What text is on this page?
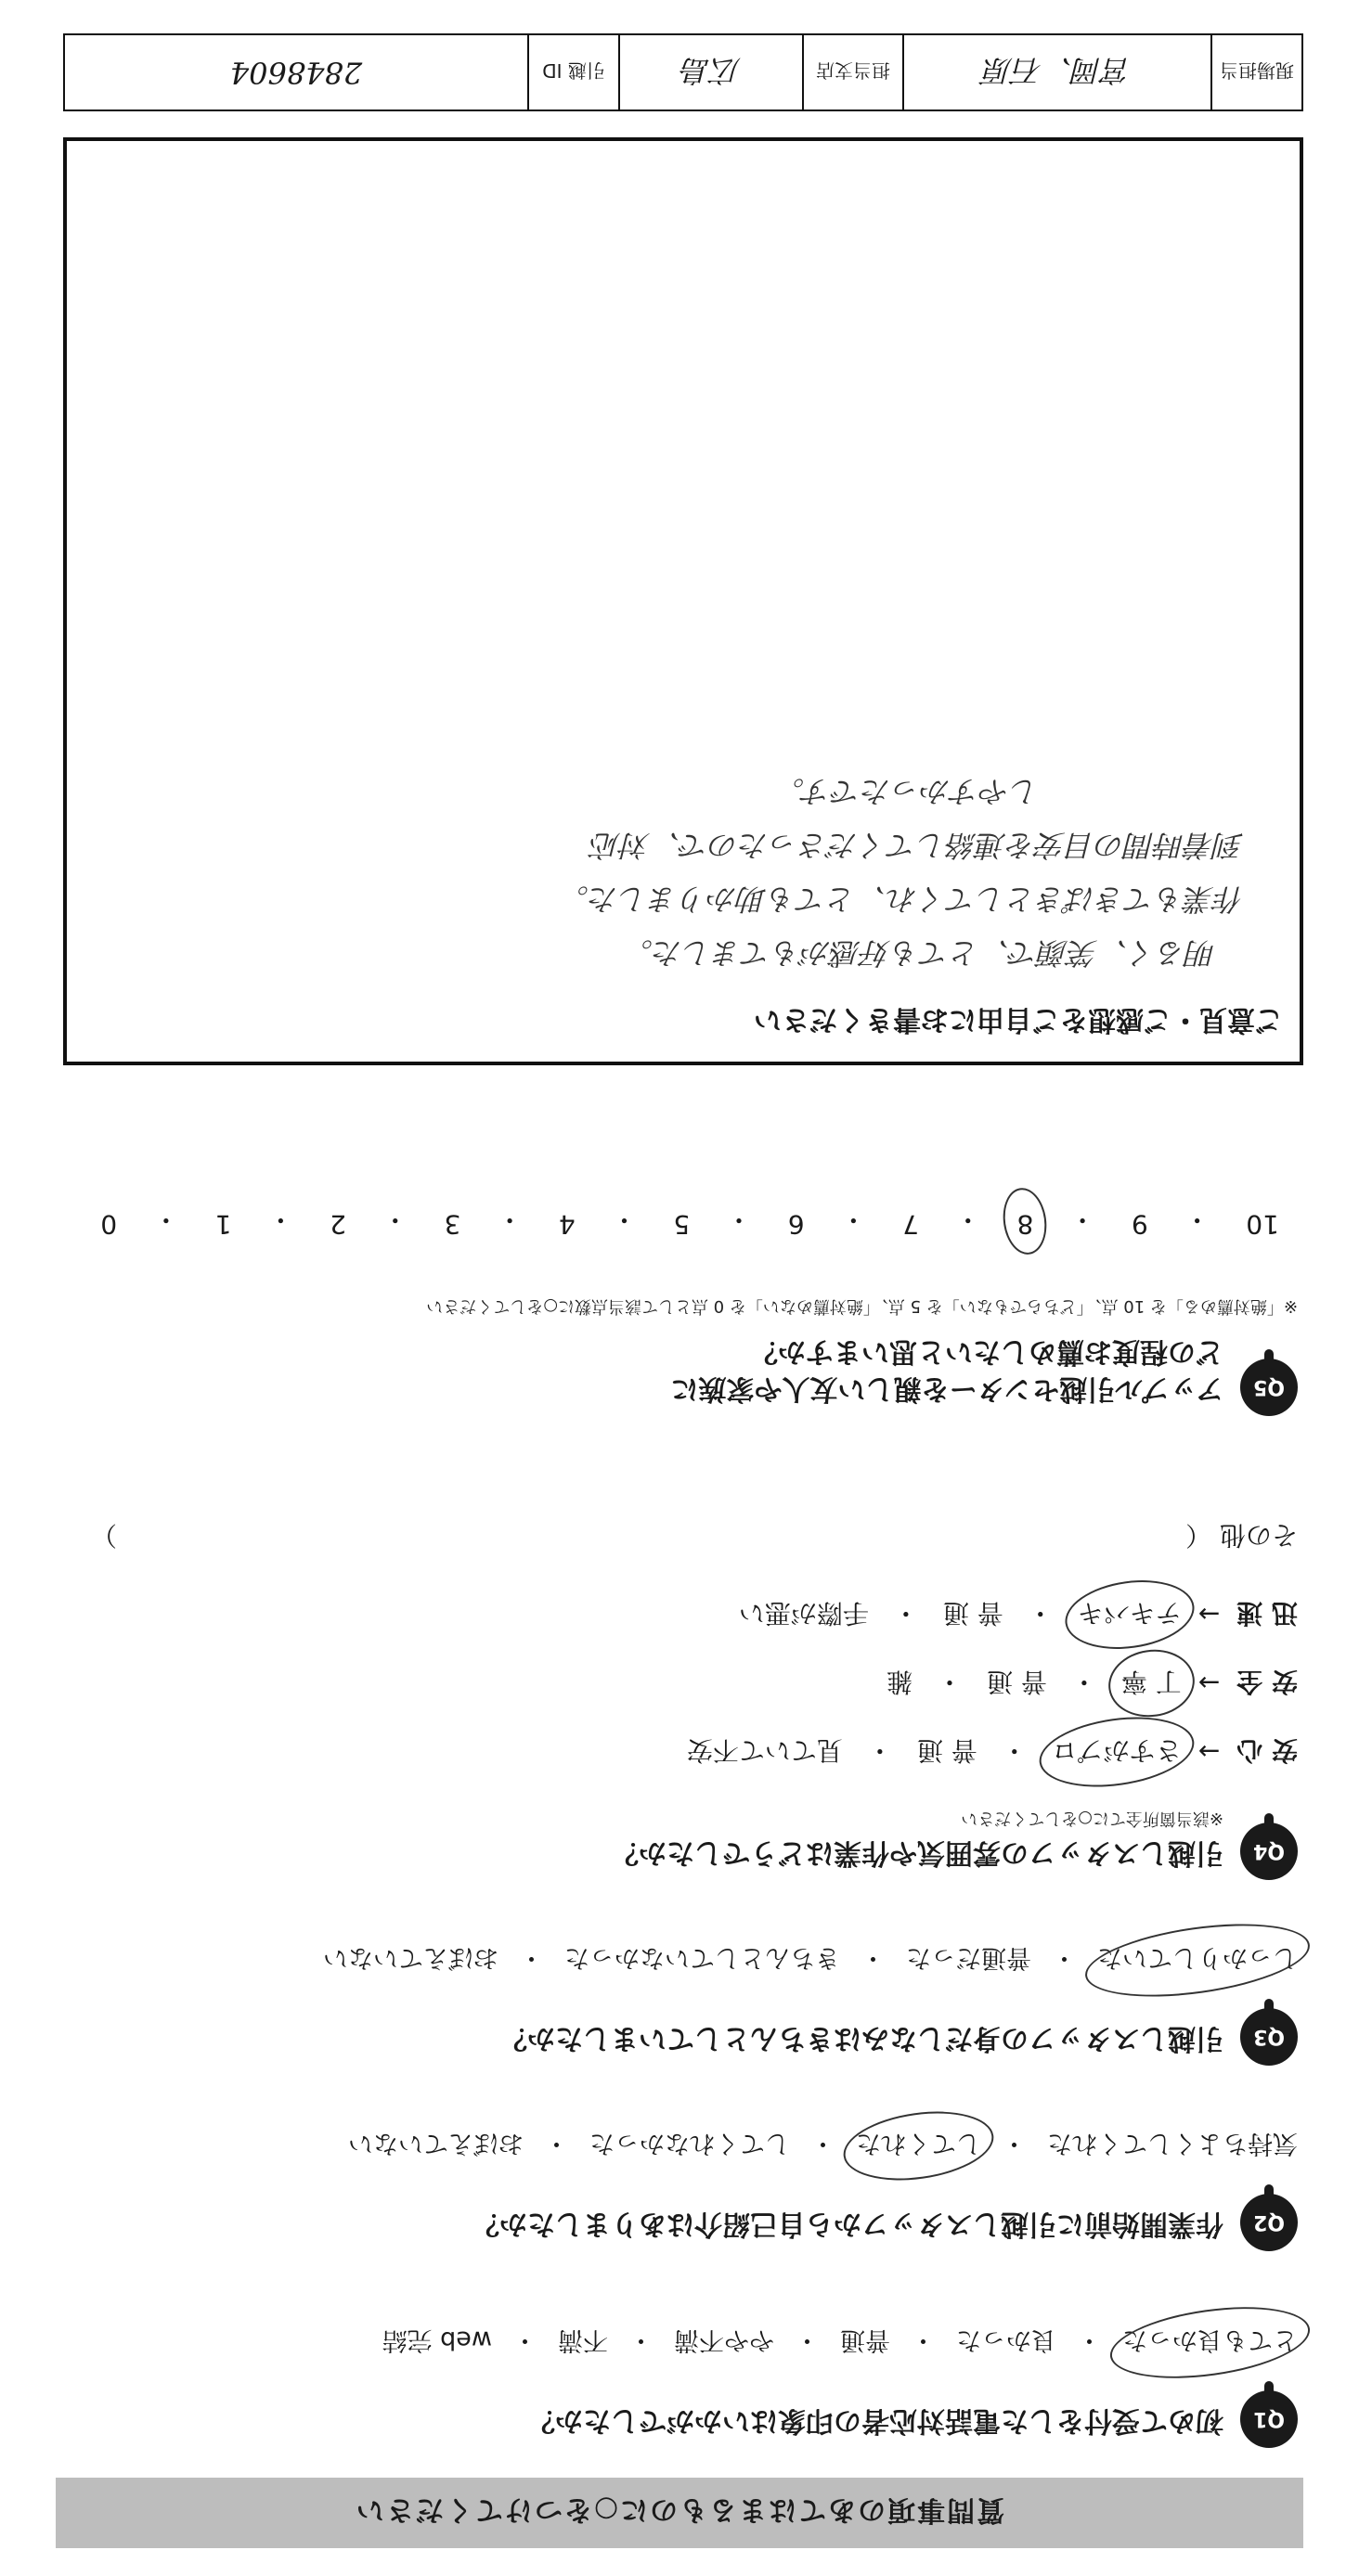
質問事項のあてはまるものに○をつけてください
Q1
初めて受付をした電話対応者の印象はいかがでしたか？
とても良かった
・
良かった
・
普通
・
やや不満
・
不満
・
web 完結
Q2
作業開始前に引越しスタッフから自己紹介はありましたか？
気持ちよくしてくれた
・
してくれた
・
してくれなかった
・
おぼえていない
Q3
引越しスタッフの身だしなみはきちんとしていましたか？
しっかりしていた
・
普通だった
・
きちんとしていなかった
・
おぼえていない
Q4
引越しスタッフの雰囲気や作業はどうでしたか？
※該当箇所全てに○をしてください
安 心
→
さすがプロ
・
普 通
・
見ていて不安
安 全
→
丁 寧
・
普 通
・
雑
迅 速
→
テキパキ
・
普 通
・
手際が悪い
その他 （
）
Q5
アップル引越センターを親しい友人や家族に
どの程度お薦めしたいと思いますか？
※「絶対薦める」を 10 点、「どちらでもない」を 5 点、「絶対薦めない」を 0 点として該当点数に○をしてください
10
・
9
・
8
・
7
・
6
・
5
・
4
・
3
・
2
・
1
・
0
ご意見・ご感想をご自由にお書きください
明るく、笑顔で、とても好感がもてました。
作業もてきぱきとしてくれ、とても助かりました。
到着時間の目安を連絡してくださったので、対応
しやすかったです。
現場担当
宮岡、石原
担当支店
広島
引越 ID
2848604
